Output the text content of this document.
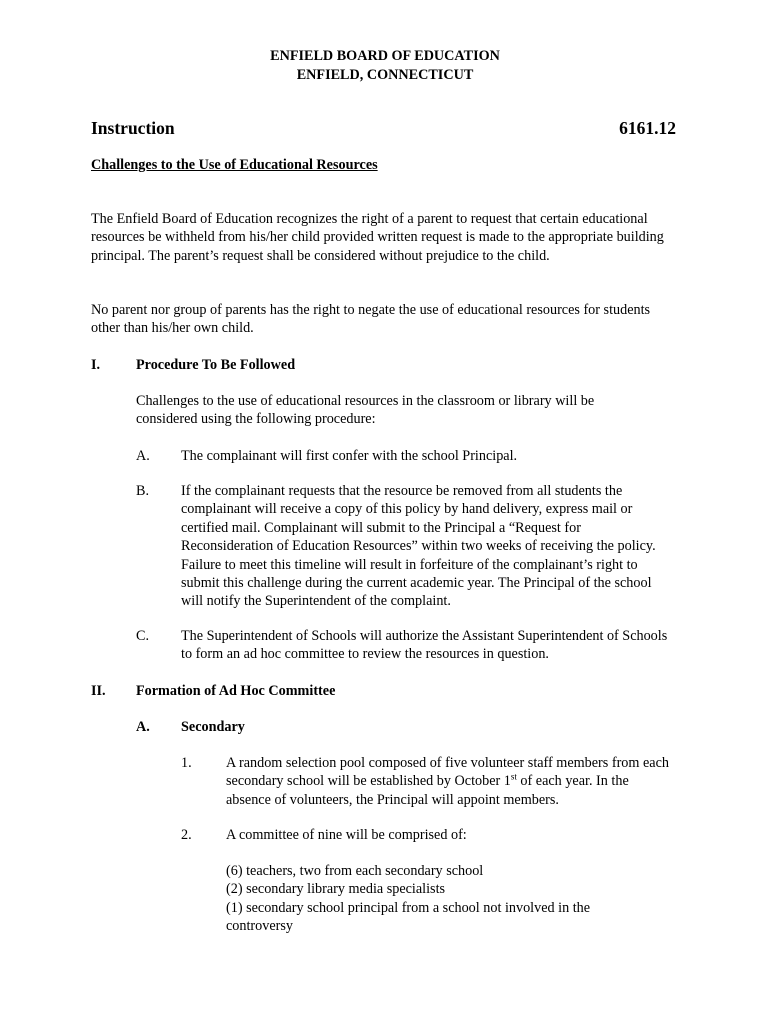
ENFIELD BOARD OF EDUCATION
ENFIELD, CONNECTICUT
Instruction	6161.12
Challenges to the Use of Educational Resources
The Enfield Board of Education recognizes the right of a parent to request that certain educational resources be withheld from his/her child provided written request is made to the appropriate building principal. The parent’s request shall be considered without prejudice to the child.
No parent nor group of parents has the right to negate the use of educational resources for students other than his/her own child.
I.	Procedure To Be Followed
Challenges to the use of educational resources in the classroom or library will be considered using the following procedure:
A. The complainant will first confer with the school Principal.
B. If the complainant requests that the resource be removed from all students the complainant will receive a copy of this policy by hand delivery, express mail or certified mail. Complainant will submit to the Principal a “Request for Reconsideration of Education Resources” within two weeks of receiving the policy. Failure to meet this timeline will result in forfeiture of the complainant’s right to submit this challenge during the current academic year. The Principal of the school will notify the Superintendent of the complaint.
C. The Superintendent of Schools will authorize the Assistant Superintendent of Schools to form an ad hoc committee to review the resources in question.
II. Formation of Ad Hoc Committee
A. Secondary
1. A random selection pool composed of five volunteer staff members from each secondary school will be established by October 1st of each year. In the absence of volunteers, the Principal will appoint members.
2. A committee of nine will be comprised of:
(6) teachers, two from each secondary school
(2) secondary library media specialists
(1) secondary school principal from a school not involved in the controversy
